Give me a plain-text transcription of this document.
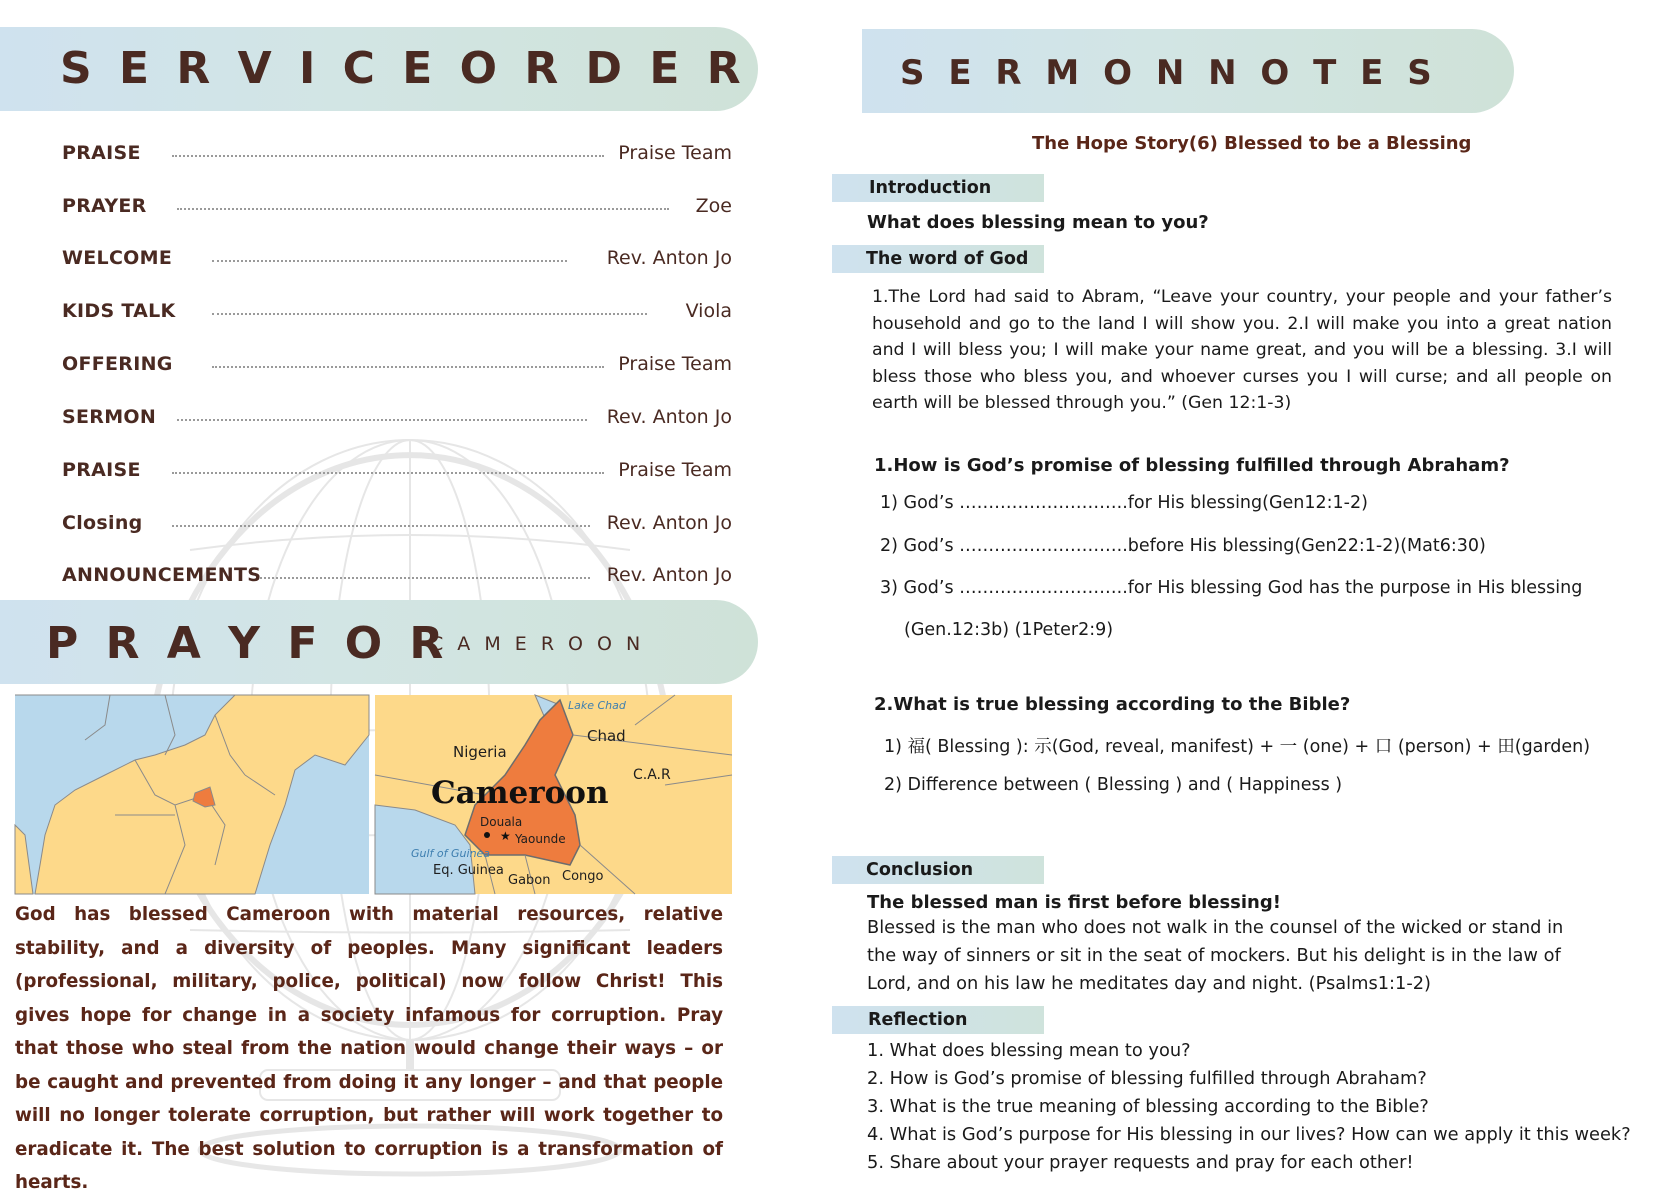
S E R V I C E O R D E R
PRAISE	Praise Team
PRAYER	Zoe
WELCOME	Rev. Anton Jo
KIDS TALK	Viola
OFFERING	Praise Team
SERMON	Rev. Anton Jo
PRAISE	Praise Team
Closing	Rev. Anton Jo
ANNOUNCEMENTS	Rev. Anton Jo
P R A Y F O R
C A M E R O O N
★
Lake Chad
Chad
Nigeria
C.A.R
Cameroon
Douala
Yaounde
Gulf of Guinea
Eq. Guinea
Gabon Congo
God has blessed Cameroon with material resources, relative stability, and a diversity of peoples. Many significant leaders (professional, military, police, political) now follow Christ! This gives hope for change in a society infamous for corruption. Pray that those who steal from the nation would change their ways – or be caught and prevented from doing it any longer – and that people will no longer tolerate corruption, but rather will work together to eradicate it. The best solution to corruption is a transformation of hearts.
S E R M O N N O T E S
The Hope Story(6) Blessed to be a Blessing
Introduction
What does blessing mean to you?
The word of God
1.The Lord had said to Abram, “Leave your country, your people and your father’s household and go to the land I will show you. 2.I will make you into a great nation and I will bless you; I will make your name great, and you will be a blessing. 3.I will bless those who bless you, and whoever curses you I will curse; and all people on earth will be blessed through you.” (Gen 12:1-3)
1.How is God’s promise of blessing fulfilled through Abraham?
1) God’s ………………………..for His blessing(Gen12:1-2)
2) God’s ………………………..before His blessing(Gen22:1-2)(Mat6:30)
3) God’s ………………………..for His blessing God has the purpose in His blessing
(Gen.12:3b) (1Peter2:9)
2.What is true blessing according to the Bible?
1) 福( Blessing ): 示(God, reveal, manifest) + 一 (one) + 口 (person) + 田(garden)
2) Difference between ( Blessing ) and ( Happiness )
Conclusion
The blessed man is first before blessing!
Blessed is the man who does not walk in the counsel of the wicked or stand in the way of sinners or sit in the seat of mockers. But his delight is in the law of Lord, and on his law he meditates day and night. (Psalms1:1-2)
Reflection
1. What does blessing mean to you?
2. How is God’s promise of blessing fulfilled through Abraham?
3. What is the true meaning of blessing according to the Bible?
4. What is God’s purpose for His blessing in our lives? How can we apply it this week?
5. Share about your prayer requests and pray for each other!
